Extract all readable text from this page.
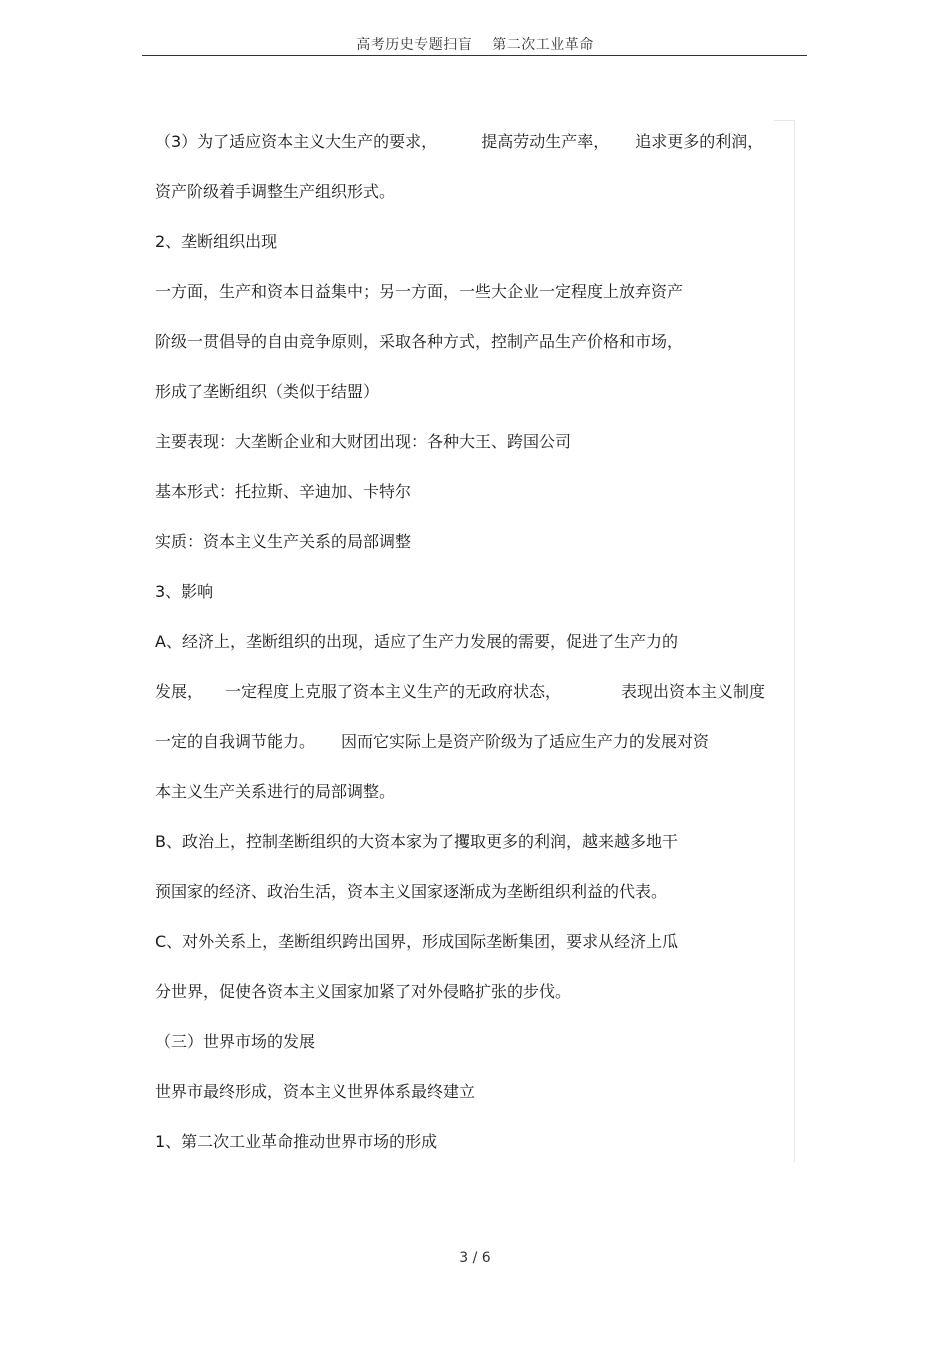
高考历史专题扫盲 第二次工业革命
（3）为了适应资本主义大生产的要求，	提高劳动生产率， 追求更多的利润，
资产阶级着手调整生产组织形式。
2、垄断组织出现
一方面，生产和资本日益集中；另一方面，一些大企业一定程度上放弃资产
阶级一贯倡导的自由竞争原则，采取各种方式，控制产品生产价格和市场，
形成了垄断组织（类似于结盟）
主要表现：大垄断企业和大财团出现：各种大王、跨国公司
基本形式：托拉斯、辛迪加、卡特尔
实质：资本主义生产关系的局部调整
3、影响
A、经济上，垄断组织的出现，适应了生产力发展的需要，促进了生产力的
发展， 一定程度上克服了资本主义生产的无政府状态，	表现出资本主义制度
一定的自我调节能力。 因而它实际上是资产阶级为了适应生产力的发展对资
本主义生产关系进行的局部调整。
B、政治上，控制垄断组织的大资本家为了攫取更多的利润，越来越多地干
预国家的经济、政治生活，资本主义国家逐渐成为垄断组织利益的代表。
C、对外关系上，垄断组织跨出国界，形成国际垄断集团，要求从经济上瓜
分世界，促使各资本主义国家加紧了对外侵略扩张的步伐。
（三）世界市场的发展
世界市最终形成，资本主义世界体系最终建立
1、第二次工业革命推动世界市场的形成
3 / 6
